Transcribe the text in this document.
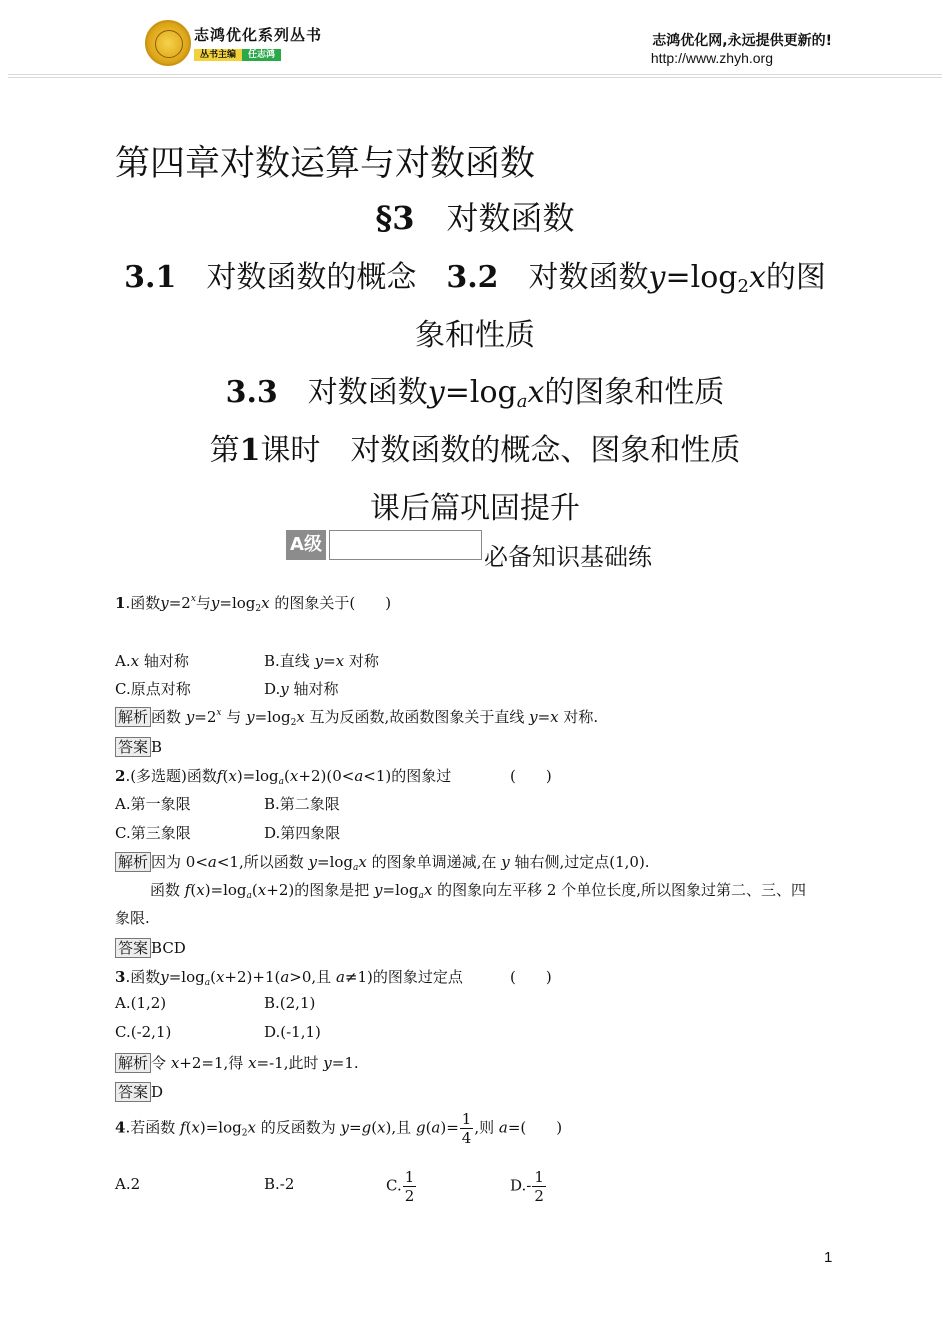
志鸿优化系列丛书
丛书主编 任志鸿
志鸿优化网,永远提供更新的!
http://www.zhyh.org
第四章对数运算与对数函数
§3　 对数函数
3.1　 对数函数的概念　 3.2　 对数函数y=log2x的图
象和性质
3.3　 对数函数y=logax的图象和性质
第1课时　 对数函数的概念、图象和性质
课后篇巩固提升
A级	必备知识基础练
1.函数$y=2^x$与$y=\log_2x$ 的图象关于(　　)
A.x 轴对称	B.直线 y=x 对称
C.原点对称	D.y 轴对称
解析 函数 $y=2^x$ 与 $y=\log_2x$ 互为反函数,故函数图象关于直线 y=x 对称.
答案 B
2.(多选题)函数$f(x)=\log_a(x+2)(0<a<1)$的图象过	(　　)
A.第一象限	B.第二象限
C.第三象限	D.第四象限
解析 因为 0<a<1,所以函数 $y=\log_ax$ 的图象单调递减,在 y 轴右侧,过定点(1,0).
函数 $f(x)=\log_a(x+2)$的图象是把 $y=\log_ax$ 的图象向左平移 2 个单位长度,所以图象过第二、三、四
象限.
答案 BCD
3.函数$y=\log_a(x+2)+1(a>0$,且 a≠1)的图象过定点	(　　)
A.(1,2)	B.(2,1)
C.(-2,1)	D.(-1,1)
解析 令 x+2=1,得 x=-1,此时 y=1.
答案 D
4.若函数 $f(x)=\log_2x$ 的反函数为 y=g(x),且 $g(a)= \frac{1}{4}$ ,则 a=(　　)
A.2	B.-2	C. $\frac{1}{2}$	$D.- \frac{1}{2}$
1
